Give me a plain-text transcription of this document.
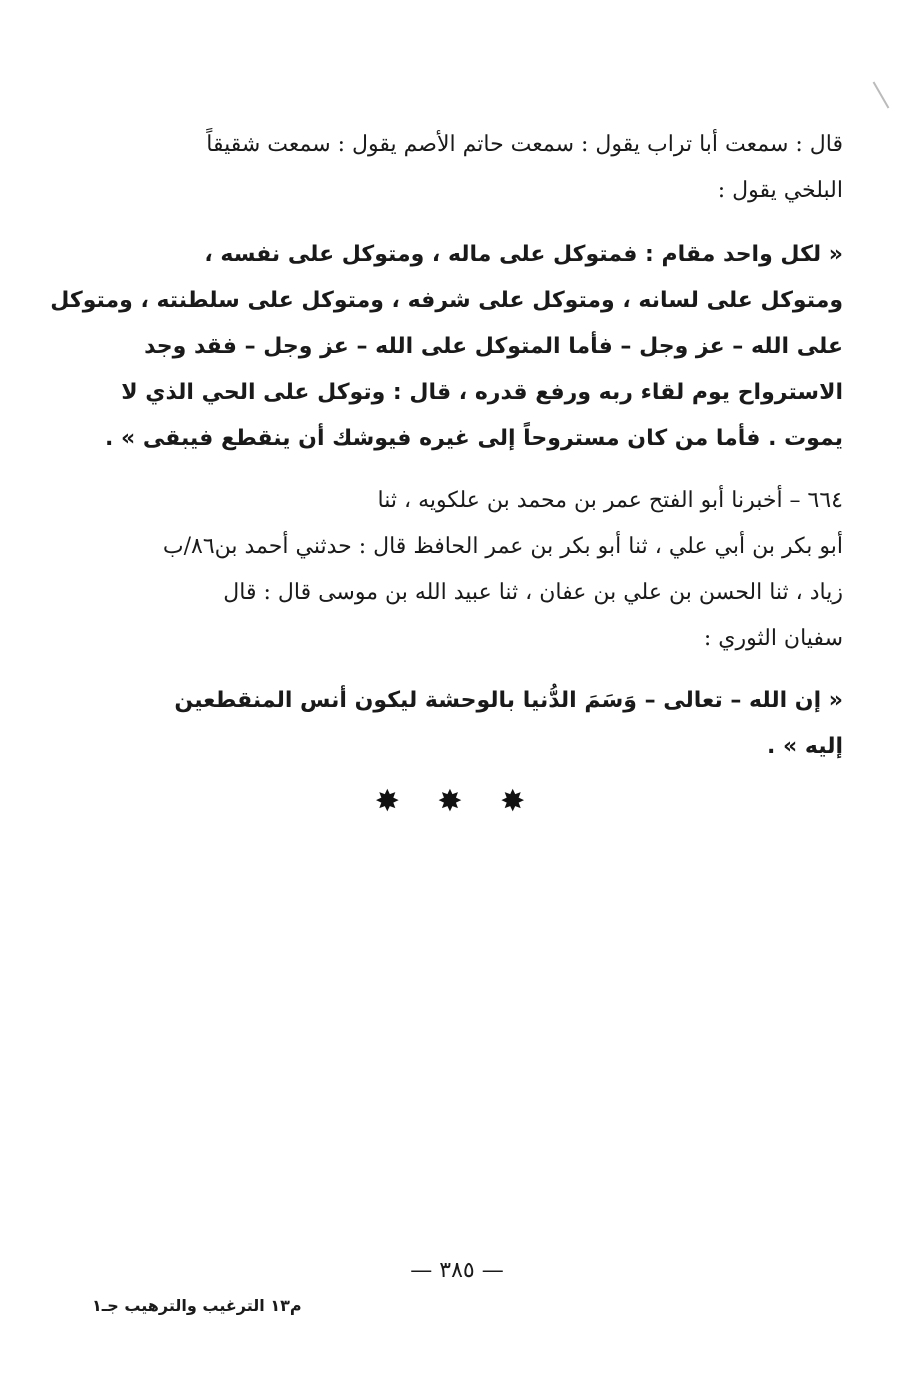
قال : سمعت أبا تراب يقول : سمعت حاتم الأصم يقول : سمعت شقيقاً
البلخي يقول :
« لكل واحد مقام : فمتوكل على ماله ، ومتوكل على نفسه ،
ومتوكل على لسانه ، ومتوكل على شرفه ، ومتوكل على سلطنته ، ومتوكل
على الله – عز وجل – فأما المتوكل على الله – عز وجل – فقد وجد
الاسترواح يوم لقاء ربه ورفع قدره ، قال : وتوكل على الحي الذي لا
يموت . فأما من كان مستروحاً إلى غيره فيوشك أن ينقطع فيبقى » .
٦٦٤ – أخبرنا أبو الفتح عمر بن محمد بن علكويه ، ثنا
أبو بكر بن أبي علي ، ثنا أبو بكر بن عمر الحافظ قال : حدثني أحمد بن٨٦/ب
زياد ، ثنا الحسن بن علي بن عفان ، ثنا عبيد الله بن موسى قال : قال
سفيان الثوري :
« إن الله – تعالى – وَسَمَ الدُّنيا بالوحشة ليكون أنس المنقطعين
إليه » .
✸ ✸ ✸
— ٣٨٥ —
م١٣ الترغيب والترهيب جـ١
